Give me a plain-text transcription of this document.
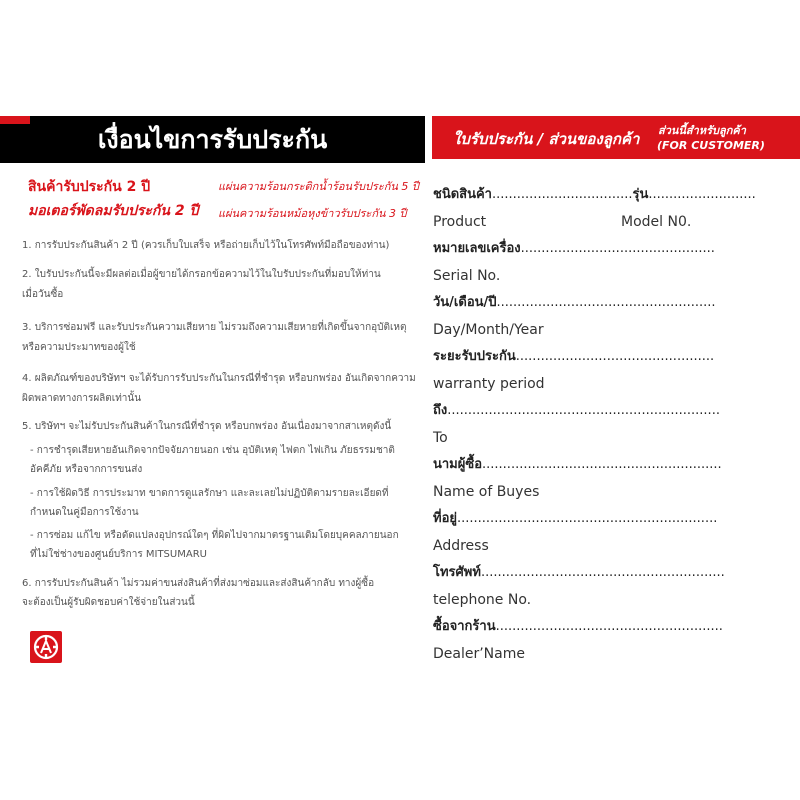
เงื่อนไขการรับประกัน	ใบรับประกัน / ส่วนของลูกค้า ส่วนนี้สำหรับลูกค้า
(FOR CUSTOMER)
สินค้ารับประกัน 2 ปี
มอเตอร์พัดลมรับประกัน 2 ปี
แผ่นความร้อนกระติกน้ำร้อนรับประกัน 5 ปี
แผ่นความร้อนหม้อหุงข้าวรับประกัน 3 ปี
1. การรับประกันสินค้า 2 ปี (ควรเก็บใบเสร็จ หรือถ่ายเก็บไว้ในโทรศัพท์มือถือของท่าน)
2. ใบรับประกันนี้จะมีผลต่อเมื่อผู้ขายได้กรอกข้อความไว้ในใบรับประกันที่มอบให้ท่าน
เมื่อวันซื้อ
3. บริการซ่อมฟรี และรับประกันความเสียหาย ไม่รวมถึงความเสียหายที่เกิดขึ้นจากอุบัติเหตุ
หรือความประมาทของผู้ใช้
4. ผลิตภัณฑ์ของบริษัทฯ จะได้รับการรับประกันในกรณีที่ชำรุด หรือบกพร่อง อันเกิดจากความ
ผิดพลาดทางการผลิตเท่านั้น
5. บริษัทฯ จะไม่รับประกันสินค้าในกรณีที่ชำรุด หรือบกพร่อง อันเนื่องมาจากสาเหตุดังนี้
- การชำรุดเสียหายอันเกิดจากปัจจัยภายนอก เช่น อุบัติเหตุ ไฟตก ไฟเกิน ภัยธรรมชาติ
อัคคีภัย หรือจากการขนส่ง
- การใช้ผิดวิธี การประมาท ขาดการดูแลรักษา และละเลยไม่ปฏิบัติตามรายละเอียดที่
กำหนดในคู่มือการใช้งาน
- การซ่อม แก้ไข หรือดัดแปลงอุปกรณ์ใดๆ ที่ผิดไปจากมาตรฐานเดิมโดยบุคคลภายนอก
ที่ไม่ใช่ช่างของศูนย์บริการ MITSUMARU
6. การรับประกันสินค้า ไม่รวมค่าขนส่งสินค้าที่ส่งมาซ่อมและส่งสินค้ากลับ ทางผู้ซื้อ
จะต้องเป็นผู้รับผิดชอบค่าใช้จ่ายในส่วนนี้
ชนิดสินค้า..................................รุ่น..........................
Product	Model N0.
หมายเลขเครื่อง...............................................
Serial No.
วัน/เดือน/ปี.....................................................
Day/Month/Year
ระยะรับประกัน................................................
warranty period
ถึง..................................................................
To
นามผู้ซื้อ..........................................................
Name of Buyes
ที่อยู่...............................................................
Address
โทรศัพท์...........................................................
telephone No.
ซื้อจากร้าน.......................................................
Dealer’Name
